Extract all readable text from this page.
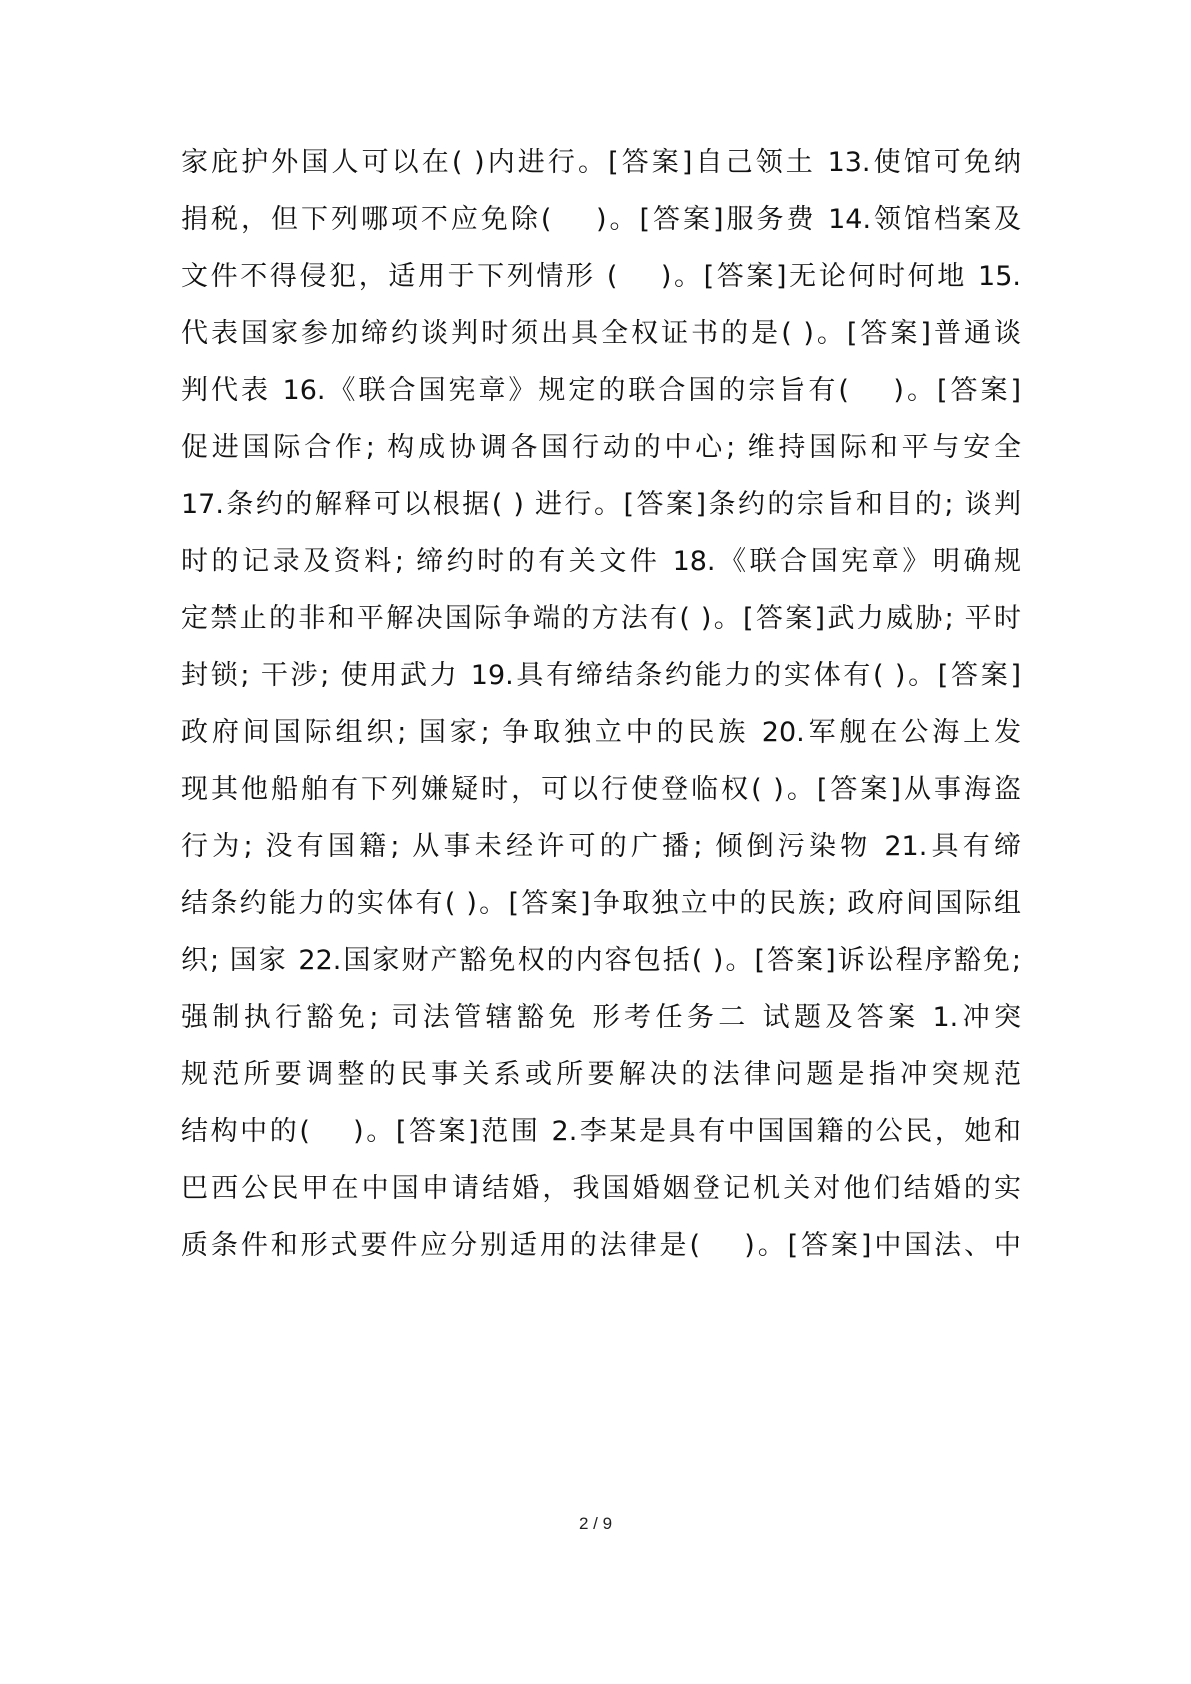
家庇护外国人可以在( )内进行。[答案]自己领土 13.使馆可免纳
捐税，但下列哪项不应免除(　 )。[答案]服务费 14.领馆档案及
文件不得侵犯，适用于下列情形 (　 )。[答案]无论何时何地 15.
代表国家参加缔约谈判时须出具全权证书的是( )。[答案]普通谈
判代表 16.《联合国宪章》规定的联合国的宗旨有(　 )。[答案]
促进国际合作; 构成协调各国行动的中心; 维持国际和平与安全
17.条约的解释可以根据( ) 进行。[答案]条约的宗旨和目的; 谈判
时的记录及资料; 缔约时的有关文件 18.《联合国宪章》明确规
定禁止的非和平解决国际争端的方法有( )。[答案]武力威胁; 平时
封锁; 干涉; 使用武力 19.具有缔结条约能力的实体有( )。[答案]
政府间国际组织; 国家; 争取独立中的民族 20.军舰在公海上发
现其他船舶有下列嫌疑时，可以行使登临权( )。[答案]从事海盗
行为; 没有国籍; 从事未经许可的广播; 倾倒污染物 21.具有缔
结条约能力的实体有( )。[答案]争取独立中的民族; 政府间国际组
织; 国家 22.国家财产豁免权的内容包括( )。[答案]诉讼程序豁免;
强制执行豁免; 司法管辖豁免 形考任务二 试题及答案 1.冲突
规范所要调整的民事关系或所要解决的法律问题是指冲突规范
结构中的(　 )。[答案]范围 2.李某是具有中国国籍的公民，她和
巴西公民甲在中国申请结婚，我国婚姻登记机关对他们结婚的实
质条件和形式要件应分别适用的法律是(　 )。[答案]中国法、中
2 / 9
